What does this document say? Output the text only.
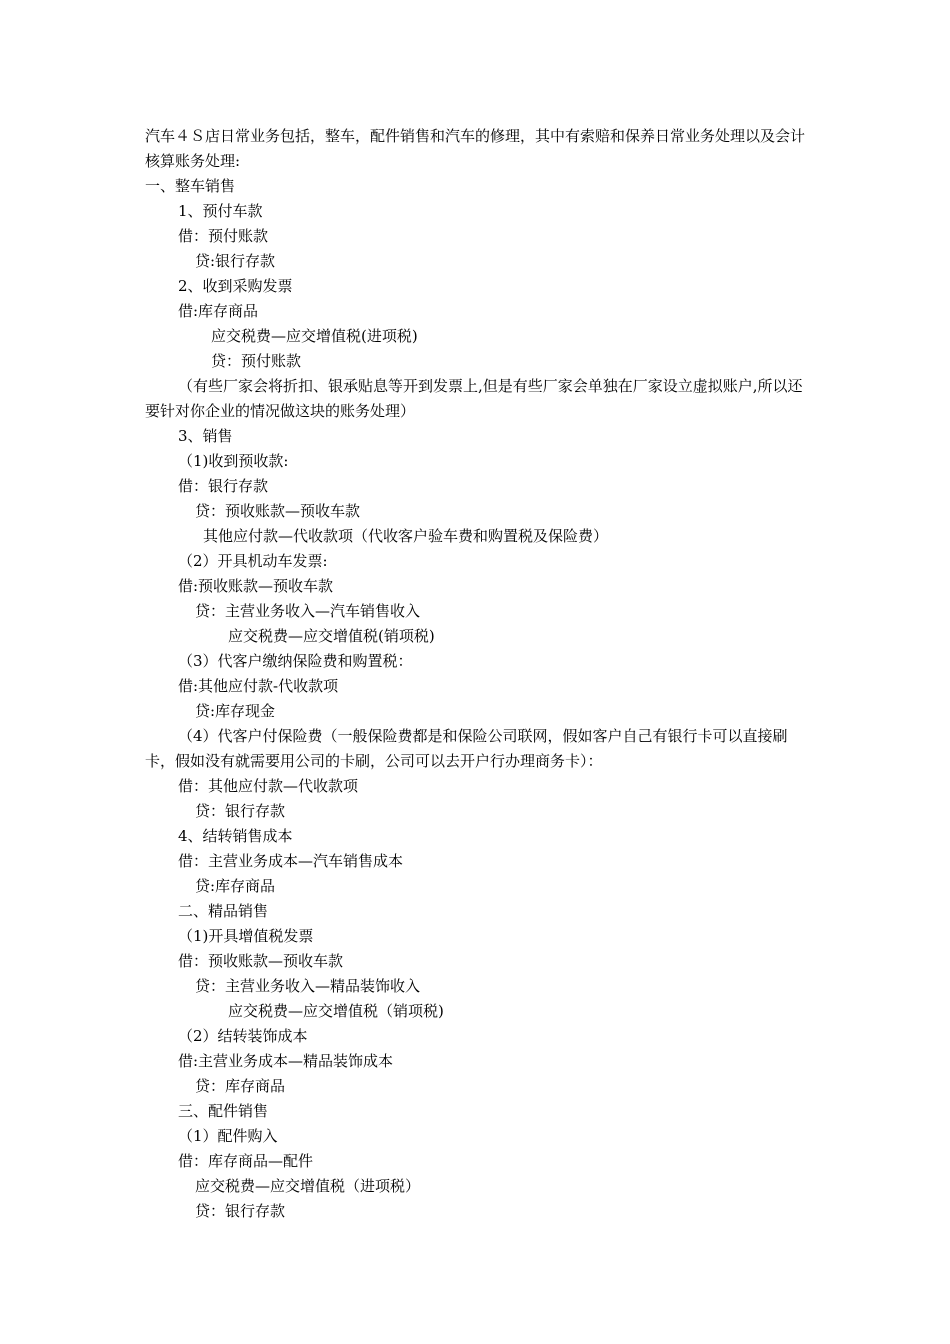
汽车４Ｓ店日常业务包括，整车，配件销售和汽车的修理，其中有索赔和保养日常业务处理以及会计核算账务处理:
一、整车销售
1、预付车款
借：预付账款
贷:银行存款
2、收到采购发票
借:库存商品
应交税费—应交增值税(进项税)
贷：预付账款
（有些厂家会将折扣、银承贴息等开到发票上,但是有些厂家会单独在厂家设立虚拟账户,所以还要针对你企业的情况做这块的账务处理）
3、销售
（1)收到预收款:
借：银行存款
贷：预收账款—预收车款
其他应付款—代收款项（代收客户验车费和购置税及保险费）
（2）开具机动车发票:
借:预收账款—预收车款
贷：主营业务收入—汽车销售收入
应交税费—应交增值税(销项税)
（3）代客户缴纳保险费和购置税：
借:其他应付款-代收款项
贷:库存现金
（4）代客户付保险费（一般保险费都是和保险公司联网，假如客户自己有银行卡可以直接刷卡，假如没有就需要用公司的卡刷，公司可以去开户行办理商务卡）：
借：其他应付款—代收款项
贷：银行存款
4、结转销售成本
借：主营业务成本—汽车销售成本
贷:库存商品
二、精品销售
（1)开具增值税发票
借：预收账款—预收车款
贷：主营业务收入—精品装饰收入
应交税费—应交增值税（销项税)
（2）结转装饰成本
借:主营业务成本—精品装饰成本
贷：库存商品
三、配件销售
（1）配件购入
借：库存商品—配件
应交税费—应交增值税（进项税）
贷：银行存款
